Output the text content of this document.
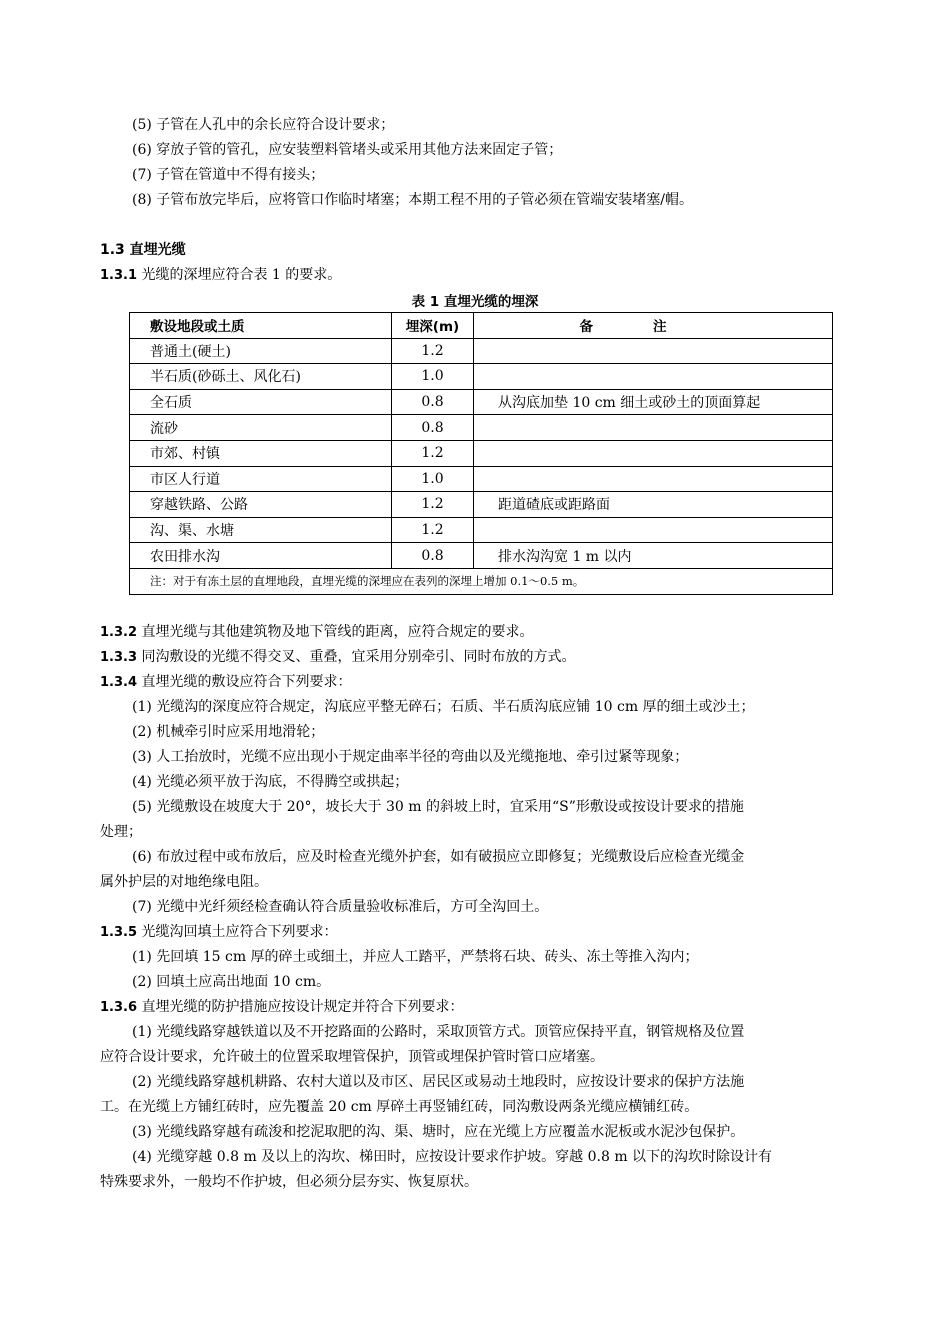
(5) 子管在人孔中的余长应符合设计要求；
(6) 穿放子管的管孔，应安装塑料管堵头或采用其他方法来固定子管；
(7) 子管在管道中不得有接头；
(8) 子管布放完毕后，应将管口作临时堵塞；本期工程不用的子管必须在管端安装堵塞/帽。
1.3 直埋光缆
1.3.1 光缆的深埋应符合表 1 的要求。
表 1 直埋光缆的埋深
敷设地段或土质	埋深(m)	备注
普通土(硬土)	1.2	
半石质(砂砾土、风化石)	1.0	
全石质	0.8	从沟底加垫 10 cm 细土或砂土的顶面算起
流砂	0.8	
市郊、村镇	1.2	
市区人行道	1.0	
穿越铁路、公路	1.2	距道碴底或距路面
沟、渠、水塘	1.2	
农田排水沟	0.8	排水沟沟宽 1 m 以内
注：对于有冻土层的直埋地段，直埋光缆的深埋应在表列的深埋上增加 0.1～0.5 m。		
1.3.2 直埋光缆与其他建筑物及地下管线的距离，应符合规定的要求。
1.3.3 同沟敷设的光缆不得交叉、重叠，宜采用分别牵引、同时布放的方式。
1.3.4 直埋光缆的敷设应符合下列要求：
(1) 光缆沟的深度应符合规定，沟底应平整无碎石；石质、半石质沟底应铺 10 cm 厚的细土或沙土；
(2) 机械牵引时应采用地滑轮；
(3) 人工抬放时，光缆不应出现小于规定曲率半径的弯曲以及光缆拖地、牵引过紧等现象；
(4) 光缆必须平放于沟底，不得腾空或拱起；
(5) 光缆敷设在坡度大于 20°，坡长大于 30 m 的斜坡上时，宜采用“S”形敷设或按设计要求的措施
处理；
(6) 布放过程中或布放后，应及时检查光缆外护套，如有破损应立即修复；光缆敷设后应检查光缆金
属外护层的对地绝缘电阻。
(7) 光缆中光纤须经检查确认符合质量验收标准后，方可全沟回土。
1.3.5 光缆沟回填土应符合下列要求：
(1) 先回填 15 cm 厚的碎土或细土，并应人工踏平，严禁将石块、砖头、冻土等推入沟内；
(2) 回填土应高出地面 10 cm。
1.3.6 直埋光缆的防护措施应按设计规定并符合下列要求：
(1) 光缆线路穿越铁道以及不开挖路面的公路时，采取顶管方式。顶管应保持平直，钢管规格及位置
应符合设计要求，允许破土的位置采取埋管保护，顶管或埋保护管时管口应堵塞。
(2) 光缆线路穿越机耕路、农村大道以及市区、居民区或易动土地段时，应按设计要求的保护方法施
工。在光缆上方铺红砖时，应先覆盖 20 cm 厚碎土再竖铺红砖，同沟敷设两条光缆应横铺红砖。
(3) 光缆线路穿越有疏浚和挖泥取肥的沟、渠、塘时，应在光缆上方应覆盖水泥板或水泥沙包保护。
(4) 光缆穿越 0.8 m 及以上的沟坎、梯田时，应按设计要求作护坡。穿越 0.8 m 以下的沟坎时除设计有
特殊要求外，一般均不作护坡，但必须分层夯实、恢复原状。
